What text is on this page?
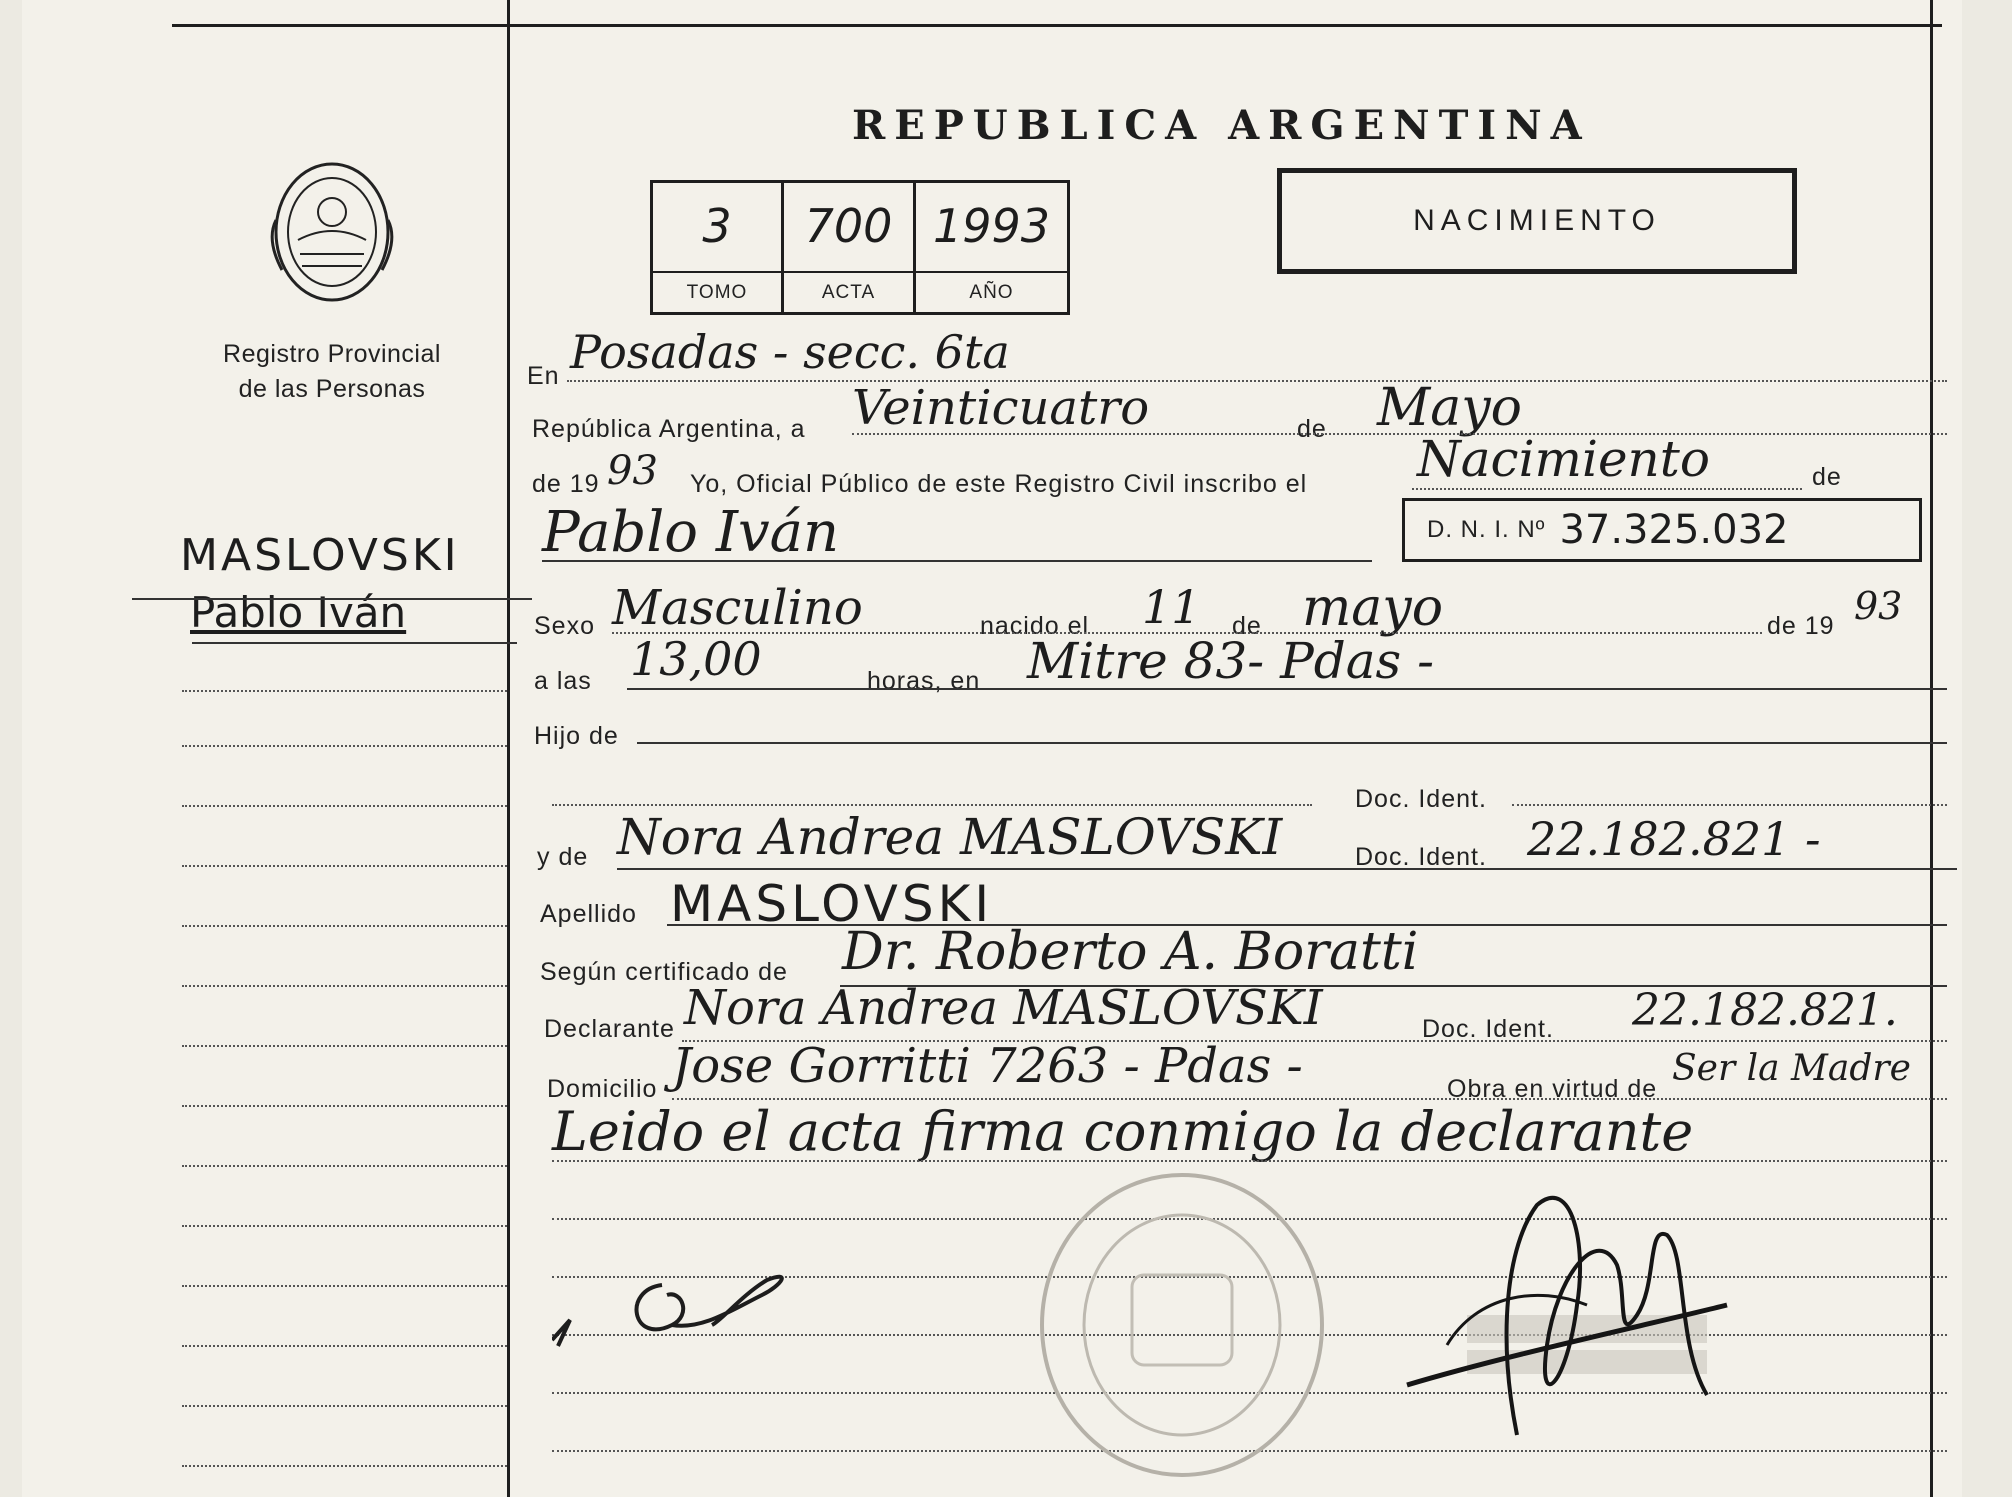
Registro Provincial
de las Personas
MASLOVSKI
Pablo Iván
REPUBLICA ARGENTINA
3	700 1993
TOMO	ACTA	AÑO
NACIMIENTO
En Posadas - secc. 6ta
República Argentina, a Veinticuatro	de Mayo
de 19 93 Yo, Oficial Público de este Registro Civil inscribo el Nacimiento	de
Pablo Iván	D. N. I. Nº 37.325.032
Sexo Masculino	nacido el 11 de mayo	de 19 93
a las 13,00	horas, en Mitre 83- Pdas -
Hijo de
Doc. Ident.
y de Nora Andrea MASLOVSKI	Doc. Ident. 22.182.821 -
Apellido MASLOVSKI
Según certificado de Dr. Roberto A. Boratti
Declarante Nora Andrea MASLOVSKI	Doc. Ident. 22.182.821.
Domicilio Jose Gorritti 7263 - Pdas -	Obra en virtud de Ser la Madre
Leido el acta firma conmigo la declarante
